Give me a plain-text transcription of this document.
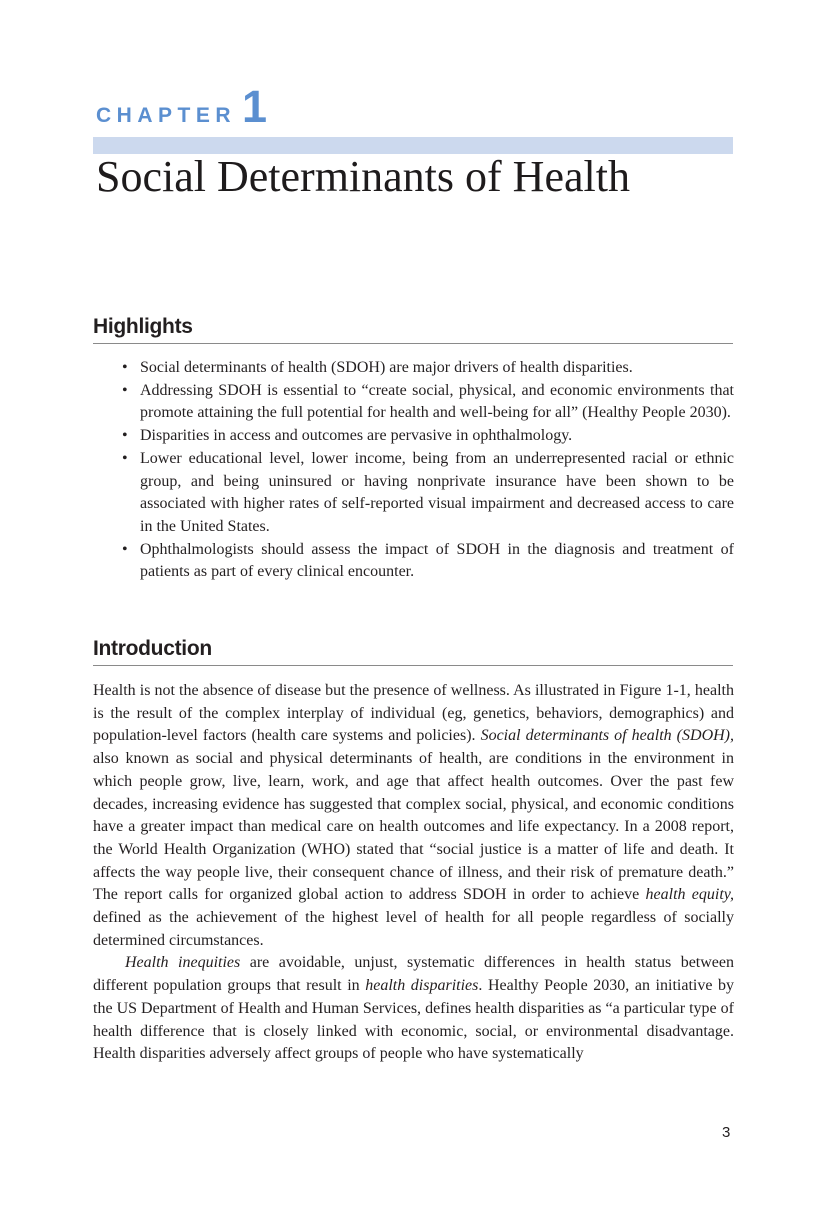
CHAPTER 1
Social Determinants of Health
Highlights
• Social determinants of health (SDOH) are major drivers of health disparities.
• Addressing SDOH is essential to “create social, physical, and economic environments that promote attaining the full potential for health and well-being for all” (Healthy People 2030).
• Disparities in access and outcomes are pervasive in ophthalmology.
• Lower educational level, lower income, being from an underrepresented racial or ethnic group, and being uninsured or having nonprivate insurance have been shown to be associated with higher rates of self-reported visual impairment and decreased access to care in the United States.
• Ophthalmologists should assess the impact of SDOH in the diagnosis and treatment of patients as part of every clinical encounter.
Introduction

Health is not the absence of disease but the presence of wellness. As illustrated in Figure 1-1, health is the result of the complex interplay of individual (eg, genetics, behaviors, demographics) and population-level factors (health care systems and policies). Social determinants of health (SDOH), also known as social and physical determinants of health, are conditions in the environment in which people grow, live, learn, work, and age that affect health outcomes. Over the past few decades, increasing evidence has suggested that complex social, physical, and economic conditions have a greater impact than medical care on health outcomes and life expectancy. In a 2008 report, the World Health Organization (WHO) stated that “social justice is a matter of life and death. It affects the way people live, their consequent chance of illness, and their risk of premature death.” The report calls for organized global action to address SDOH in order to achieve health equity, defined as the achievement of the highest level of health for all people regardless of socially determined circumstances.

Health inequities are avoidable, unjust, systematic differences in health status between different population groups that result in health disparities. Healthy People 2030, an initiative by the US Department of Health and Human Services, defines health disparities as “a particular type of health difference that is closely linked with economic, social, or environmental disadvantage. Health disparities adversely affect groups of people who have systematically

3
